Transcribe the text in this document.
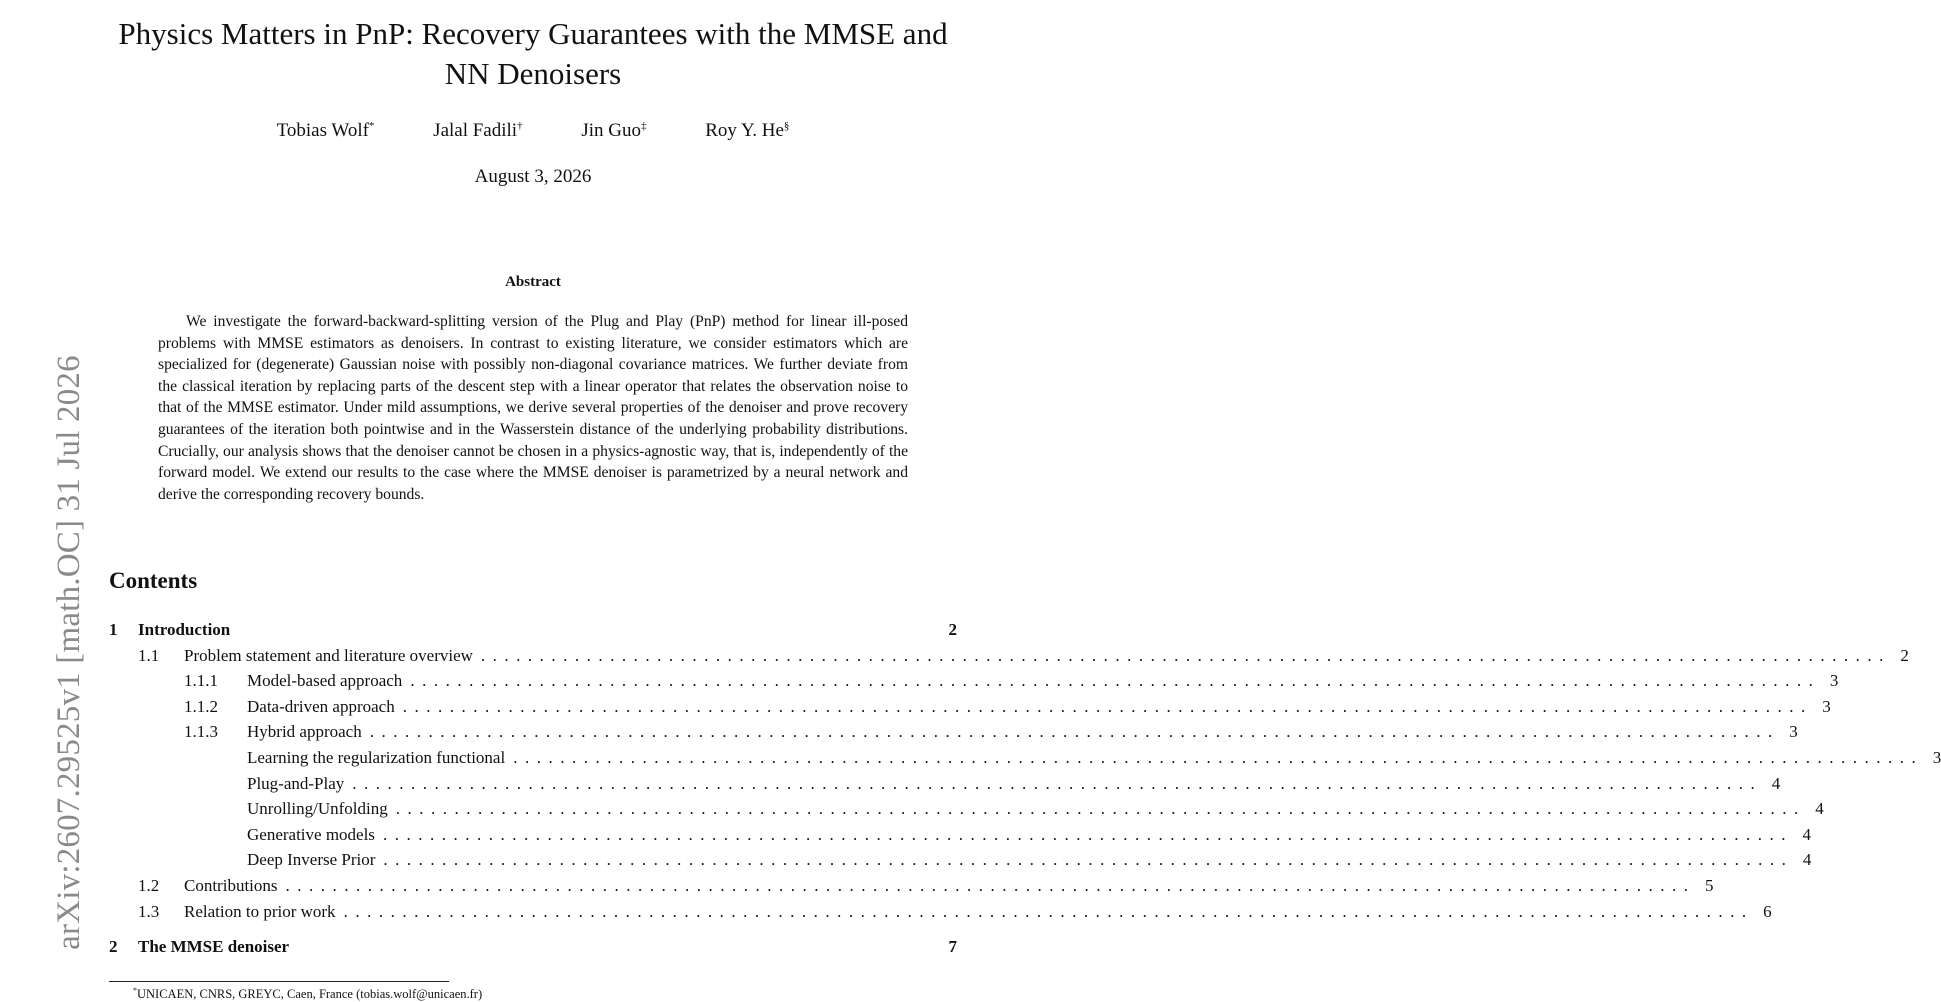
arXiv:2607.29525v1 [math.OC] 31 Jul 2026
Physics Matters in PnP: Recovery Guarantees with the MMSE and NN Denoisers
Tobias Wolf*	Jalal Fadili†	Jin Guo‡	Roy Y. He§
August 3, 2026
Abstract

We investigate the forward-backward-splitting version of the Plug and Play (PnP) method for linear ill-posed problems with MMSE estimators as denoisers. In contrast to existing literature, we consider estimators which are specialized for (degenerate) Gaussian noise with possibly non-diagonal covariance matrices. We further deviate from the classical iteration by replacing parts of the descent step with a linear operator that relates the observation noise to that of the MMSE estimator. Under mild assumptions, we derive several properties of the denoiser and prove recovery guarantees of the iteration both pointwise and in the Wasserstein distance of the underlying probability distributions. Crucially, our analysis shows that the denoiser cannot be chosen in a physics-agnostic way, that is, independently of the forward model. We extend our results to the case where the MMSE denoiser is parametrized by a neural network and derive the corresponding recovery bounds.

Contents
1	Introduction	2
1.1	Problem statement and literature overview ........................................................................................................................ 2
1.1.1	Model-based approach ........................................................................................................................ 3
1.1.2	Data-driven approach ........................................................................................................................ 3
1.1.3	Hybrid approach ........................................................................................................................ 3
Learning the regularization functional ........................................................................................................................ 3
Plug-and-Play ........................................................................................................................ 4
Unrolling/Unfolding ........................................................................................................................ 4
Generative models ........................................................................................................................ 4
Deep Inverse Prior ........................................................................................................................ 4
1.2	Contributions ........................................................................................................................ 5
1.3	Relation to prior work ........................................................................................................................ 6
2	The MMSE denoiser	7
*UNICAEN, CNRS, GREYC, Caen, France (tobias.wolf@unicaen.fr)
